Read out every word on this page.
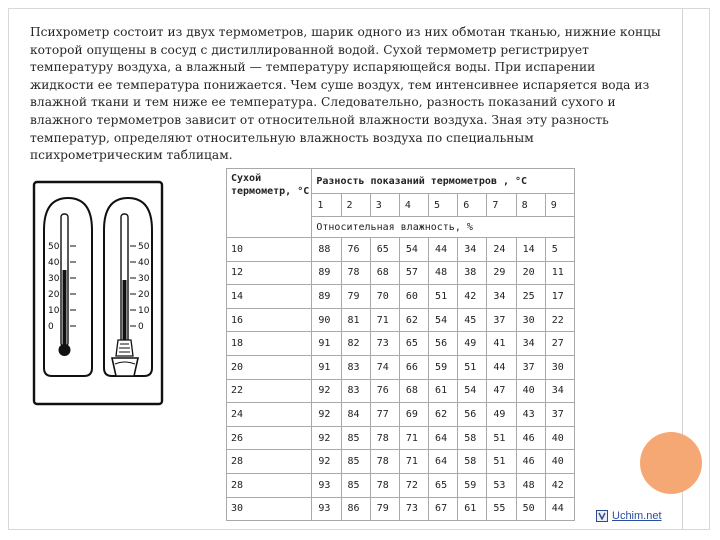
Психрометр состоит из двух термометров, шарик одного из них обмотан тканью, нижние концы которой опущены в сосуд с дистиллированной водой. Сухой термометр регистрирует температуру воздуха, а влажный — температуру испаряющейся воды. При испарении жидкости ее температура понижается. Чем суше воздух, тем интенсивнее испаряется вода из влажной ткани и тем ниже ее температура. Следовательно, разность показаний сухого и влажного термометров зависит от относительной влажности воздуха. Зная эту разность температур, определяют относительную влажность воздуха по специальным психрометрическим таблицам.
50	50
40	40
30	30
20	20
10	10
0	0
Сухой термометр, °С	Разность показаний термометров , °С								
	1	2	3	4	5	6	7	8	9
	Относительная влажность, %								
10	88	76	65	54	44	34	24	14	5
12	89	78	68	57	48	38	29	20	11
14	89	79	70	60	51	42	34	25	17
16	90	81	71	62	54	45	37	30	22
18	91	82	73	65	56	49	41	34	27
20	91	83	74	66	59	51	44	37	30
22	92	83	76	68	61	54	47	40	34
24	92	84	77	69	62	56	49	43	37
26	92	85	78	71	64	58	51	46	40
28	92	85	78	71	64	58	51	46	40
28	93	85	78	72	65	59	53	48	42
30	93	86	79	73	67	61	55	50	44
Uchim.net
